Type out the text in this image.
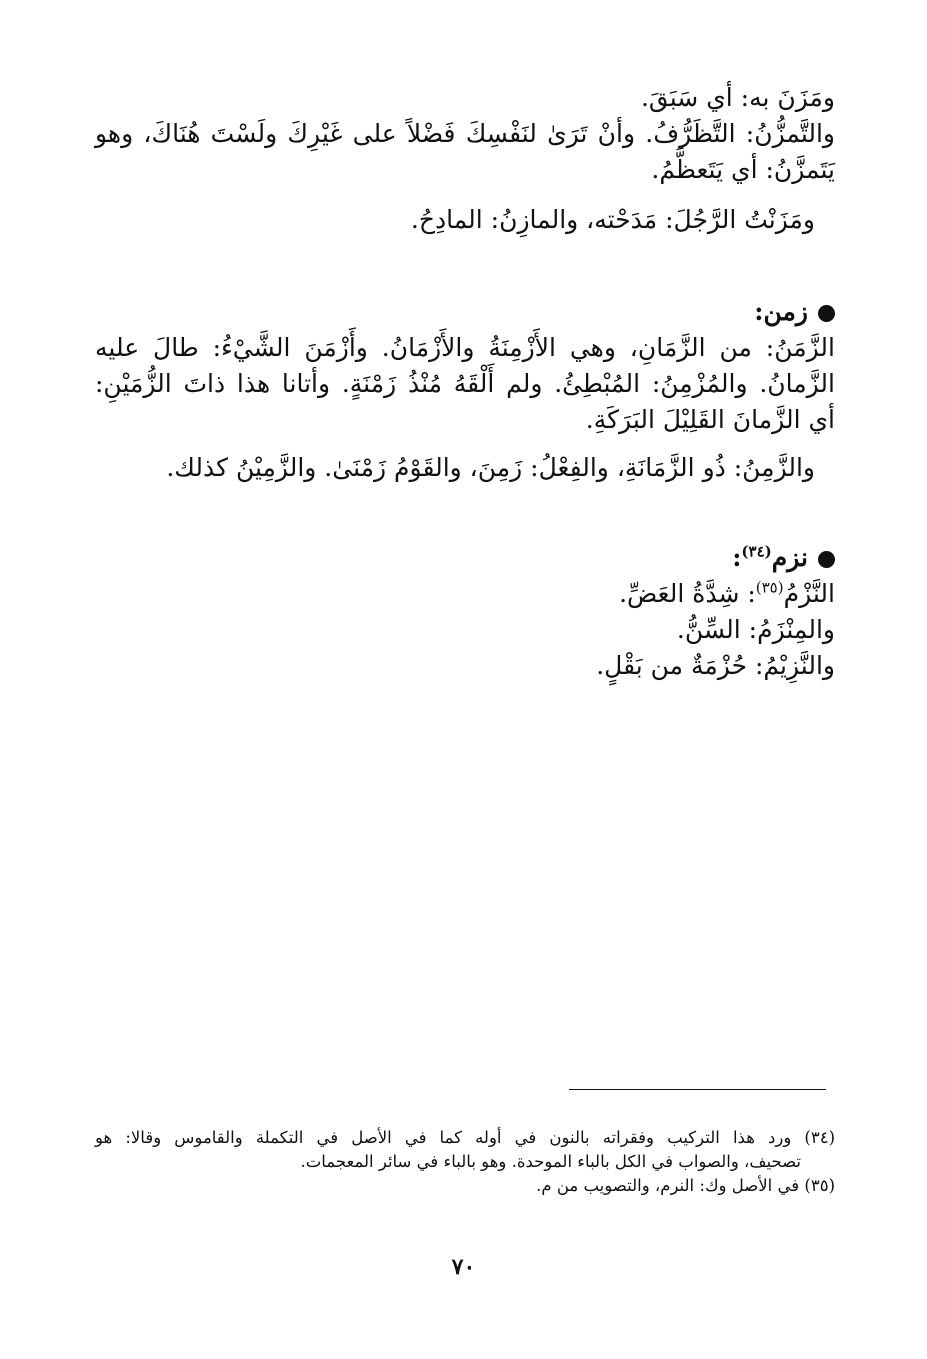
ومَزَنَ به: أي سَبَقَ.
والتَّمزُّنُ: التَّظَرُّفُ. وأنْ تَرَىٰ لنَفْسِكَ فَضْلاً على غَيْرِكَ ولَسْتَ هُنَاكَ، وهو
يَتَمزَّنُ: أي يَتَعظَّمُ.
ومَزَنْتُ الرَّجُلَ: مَدَحْته، والمازِنُ: المادِحُ.
زمن:
الزَّمَنُ: من الزَّمَانِ، وهي الأَزْمِنَةُ والأَزْمَانُ. وأَزْمَنَ الشَّيْءُ: طالَ عليه
الزَّمانُ. والمُزْمِنُ: المُبْطِئُ. ولم أَلْقَهُ مُنْذُ زَمْنَةٍ. وأتانا هذا ذاتَ الزُّمَيْنِ:
أي الزَّمانَ القَلِيْلَ البَرَكَةِ.
والزَّمِنُ: ذُو الزَّمَانَةِ، والفِعْلُ: زَمِنَ، والقَوْمُ زَمْنَىٰ. والزَّمِيْنُ كذلك.
نزم$^{(٣٤)}$:
النَّزْمُ$^{(٣٥)}$: شِدَّةُ العَضِّ.
والمِنْزَمُ: السِّنُّ.
والنَّزِيْمُ: حُزْمَةٌ من بَقْلٍ.
(٣٤) ورد هذا التركيب وفقراته بالنون في أوله كما في الأصل في التكملة والقاموس وقالا: هو
تصحيف، والصواب في الكل بالباء الموحدة. وهو بالباء في سائر المعجمات.
(٣٥) في الأصل وك: النرم، والتصويب من م.
٧٠
